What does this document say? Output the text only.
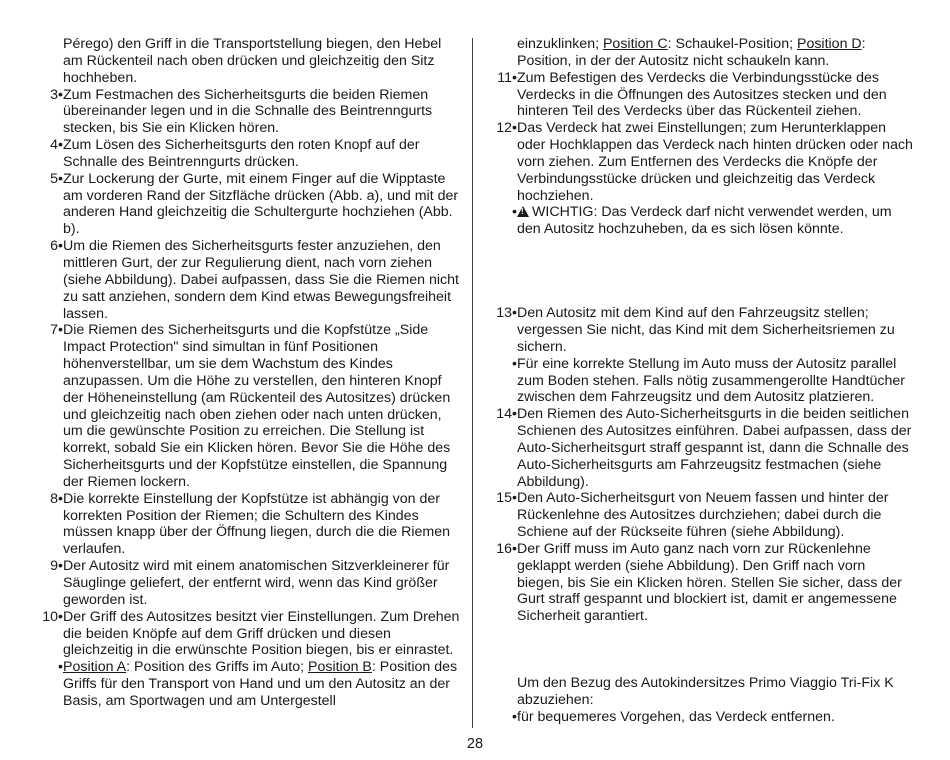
Pérego) den Griff in die Transportstellung biegen, den Hebel am Rückenteil nach oben drücken und gleichzeitig den Sitz hochheben.
3• Zum Festmachen des Sicherheitsgurts die beiden Riemen übereinander legen und in die Schnalle des Beintrenngurts stecken, bis Sie ein Klicken hören.
4• Zum Lösen des Sicherheitsgurts den roten Knopf auf der Schnalle des Beintrenngurts drücken.
5• Zur Lockerung der Gurte, mit einem Finger auf die Wipptaste am vorderen Rand der Sitzfläche drücken (Abb. a), und mit der anderen Hand gleichzeitig die Schultergurte hochziehen (Abb. b).
6• Um die Riemen des Sicherheitsgurts fester anzuziehen, den mittleren Gurt, der zur Regulierung dient, nach vorn ziehen (siehe Abbildung). Dabei aufpassen, dass Sie die Riemen nicht zu satt anziehen, sondern dem Kind etwas Bewegungsfreiheit lassen.
7• Die Riemen des Sicherheitsgurts und die Kopfstütze „Side Impact Protection" sind simultan in fünf Positionen höhenverstellbar, um sie dem Wachstum des Kindes anzupassen. Um die Höhe zu verstellen, den hinteren Knopf der Höheneinstellung (am Rückenteil des Autositzes) drücken und gleichzeitig nach oben ziehen oder nach unten drücken, um die gewünschte Position zu erreichen. Die Stellung ist korrekt, sobald Sie ein Klicken hören. Bevor Sie die Höhe des Sicherheitsgurts und der Kopfstütze einstellen, die Spannung der Riemen lockern.
8• Die korrekte Einstellung der Kopfstütze ist abhängig von der korrekten Position der Riemen; die Schultern des Kindes müssen knapp über der Öffnung liegen, durch die die Riemen verlaufen.
9• Der Autositz wird mit einem anatomischen Sitzverkleinerer für Säuglinge geliefert, der entfernt wird, wenn das Kind größer geworden ist.
10• Der Griff des Autositzes besitzt vier Einstellungen. Zum Drehen die beiden Knöpfe auf dem Griff drücken und diesen gleichzeitig in die erwünschte Position biegen, bis er einrastet.
• Position A: Position des Griffs im Auto; Position B: Position des Griffs für den Transport von Hand und um den Autositz an der Basis, am Sportwagen und am Untergestell
einzuklinken; Position C: Schaukel-Position; Position D: Position, in der der Autositz nicht schaukeln kann.
11• Zum Befestigen des Verdecks die Verbindungsstücke des Verdecks in die Öffnungen des Autositzes stecken und den hinteren Teil des Verdecks über das Rückenteil ziehen.
12• Das Verdeck hat zwei Einstellungen; zum Herunterklappen oder Hochklappen das Verdeck nach hinten drücken oder nach vorn ziehen. Zum Entfernen des Verdecks die Knöpfe der Verbindungsstücke drücken und gleichzeitig das Verdeck hochziehen.
•
! WICHTIG: Das Verdeck darf nicht verwendet werden, um den Autositz hochzuheben, da es sich lösen könnte.
13• Den Autositz mit dem Kind auf den Fahrzeugsitz stellen; vergessen Sie nicht, das Kind mit dem Sicherheitsriemen zu sichern.
• Für eine korrekte Stellung im Auto muss der Autositz parallel zum Boden stehen. Falls nötig zusammengerollte Handtücher zwischen dem Fahrzeugsitz und dem Autositz platzieren.
14• Den Riemen des Auto-Sicherheitsgurts in die beiden seitlichen Schienen des Autositzes einführen. Dabei aufpassen, dass der Auto-Sicherheitsgurt straff gespannt ist, dann die Schnalle des Auto-Sicherheitsgurts am Fahrzeugsitz festmachen (siehe Abbildung).
15• Den Auto-Sicherheitsgurt von Neuem fassen und hinter der Rückenlehne des Autositzes durchziehen; dabei durch die Schiene auf der Rückseite führen (siehe Abbildung).
16• Der Griff muss im Auto ganz nach vorn zur Rückenlehne geklappt werden (siehe Abbildung). Den Griff nach vorn biegen, bis Sie ein Klicken hören. Stellen Sie sicher, dass der Gurt straff gespannt und blockiert ist, damit er angemessene Sicherheit garantiert.
Um den Bezug des Autokindersitzes Primo Viaggio Tri-Fix K abzuziehen:
• für bequemeres Vorgehen, das Verdeck entfernen.
28
